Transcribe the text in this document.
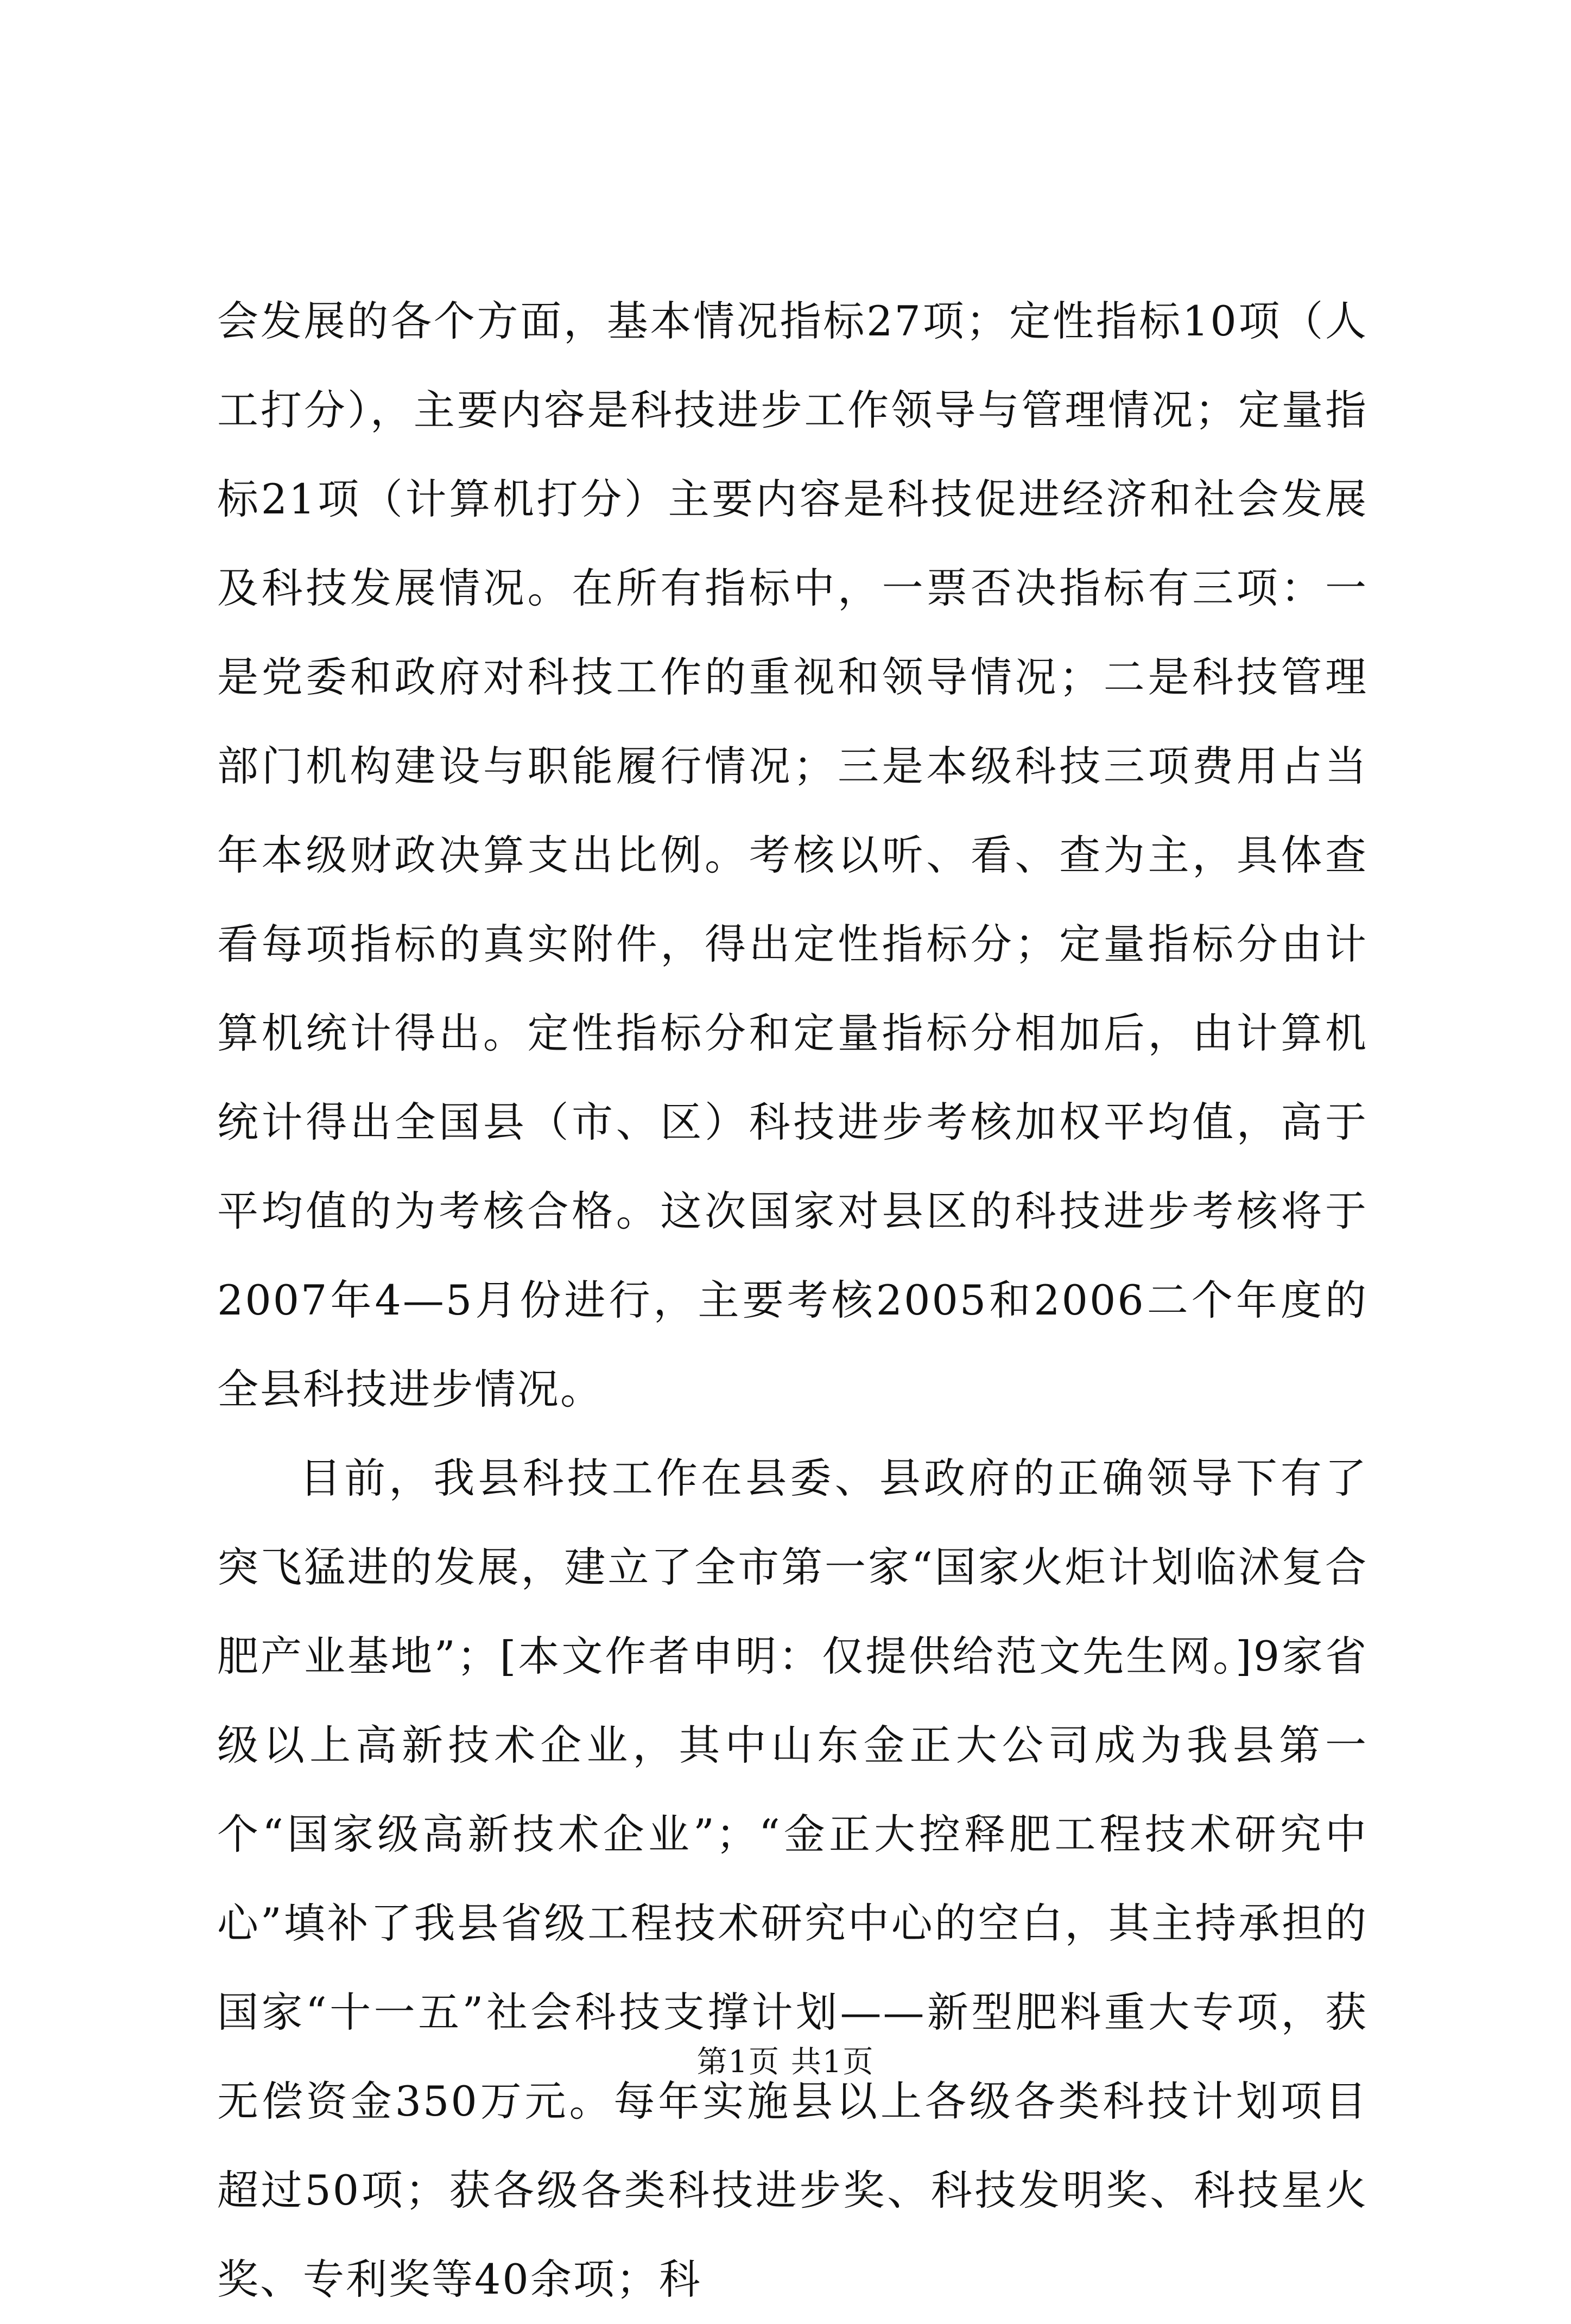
会发展的各个方面，基本情况指标27项；定性指标10项（人工打分），主要内容是科技进步工作领导与管理情况；定量指标21项（计算机打分）主要内容是科技促进经济和社会发展及科技发展情况。在所有指标中，一票否决指标有三项：一是党委和政府对科技工作的重视和领导情况；二是科技管理部门机构建设与职能履行情况；三是本级科技三项费用占当年本级财政决算支出比例。考核以听、看、查为主，具体查看每项指标的真实附件，得出定性指标分；定量指标分由计算机统计得出。定性指标分和定量指标分相加后，由计算机统计得出全国县（市、区）科技进步考核加权平均值，高于平均值的为考核合格。这次国家对县区的科技进步考核将于2007年4—5月份进行，主要考核2005和2006二个年度的全县科技进步情况。

目前，我县科技工作在县委、县政府的正确领导下有了突飞猛进的发展，建立了全市第一家“国家火炬计划临沭复合肥产业基地”；[本文作者申明：仅提供给范文先生网。]9家省级以上高新技术企业，其中山东金正大公司成为我县第一个“国家级高新技术企业”；“金正大控释肥工程技术研究中心”填补了我县省级工程技术研究中心的空白，其主持承担的国家“十一五”社会科技支撑计划——新型肥料重大专项，获无偿资金350万元。每年实施县以上各级各类科技计划项目超过50项；获各级各类科技进步奖、科技发明奖、科技星火奖、专利奖等40余项；科

第1页 共1页
